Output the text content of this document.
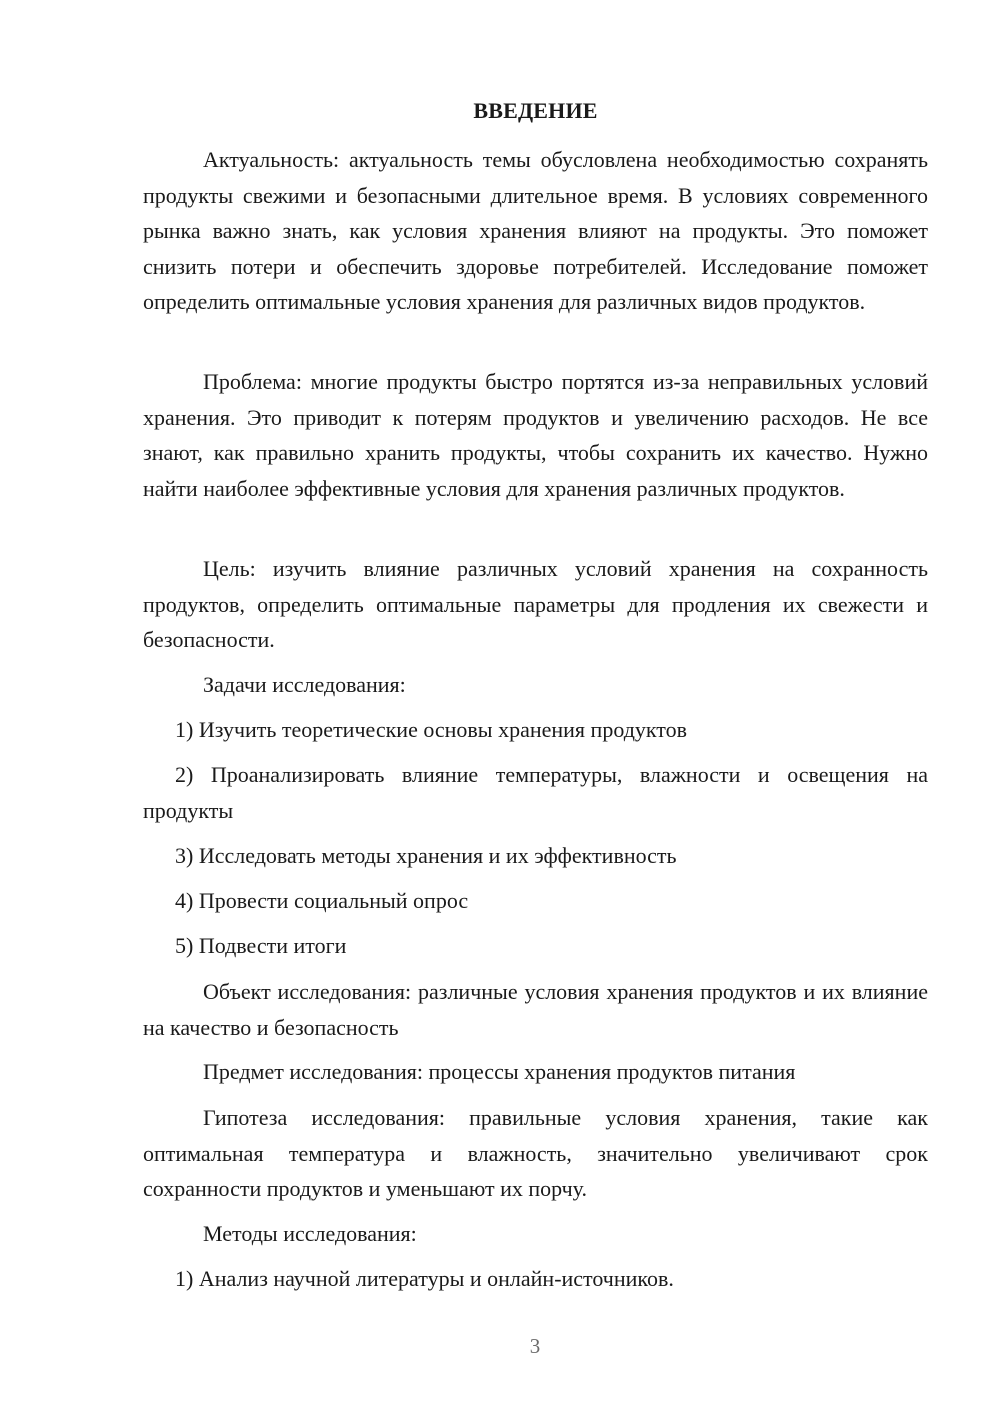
ВВЕДЕНИЕ

Актуальность: актуальность темы обусловлена необходимостью сохранять продукты свежими и безопасными длительное время. В условиях современного рынка важно знать, как условия хранения влияют на продукты. Это поможет снизить потери и обеспечить здоровье потребителей. Исследование поможет определить оптимальные условия хранения для различных видов продуктов.

Проблема: многие продукты быстро портятся из-за неправильных условий хранения. Это приводит к потерям продуктов и увеличению расходов. Не все знают, как правильно хранить продукты, чтобы сохранить их качество. Нужно найти наиболее эффективные условия для хранения различных продуктов.

Цель: изучить влияние различных условий хранения на сохранность продуктов, определить оптимальные параметры для продления их свежести и безопасности.

Задачи исследования:

1) Изучить теоретические основы хранения продуктов

2) Проанализировать влияние температуры, влажности и освещения на продукты

3) Исследовать методы хранения и их эффективность

4) Провести социальный опрос

5) Подвести итоги

Объект исследования: различные условия хранения продуктов и их влияние на качество и безопасность

Предмет исследования: процессы хранения продуктов питания

Гипотеза исследования: правильные условия хранения, такие как оптимальная температура и влажность, значительно увеличивают срок сохранности продуктов и уменьшают их порчу.

Методы исследования:

1) Анализ научной литературы и онлайн-источников.

3
